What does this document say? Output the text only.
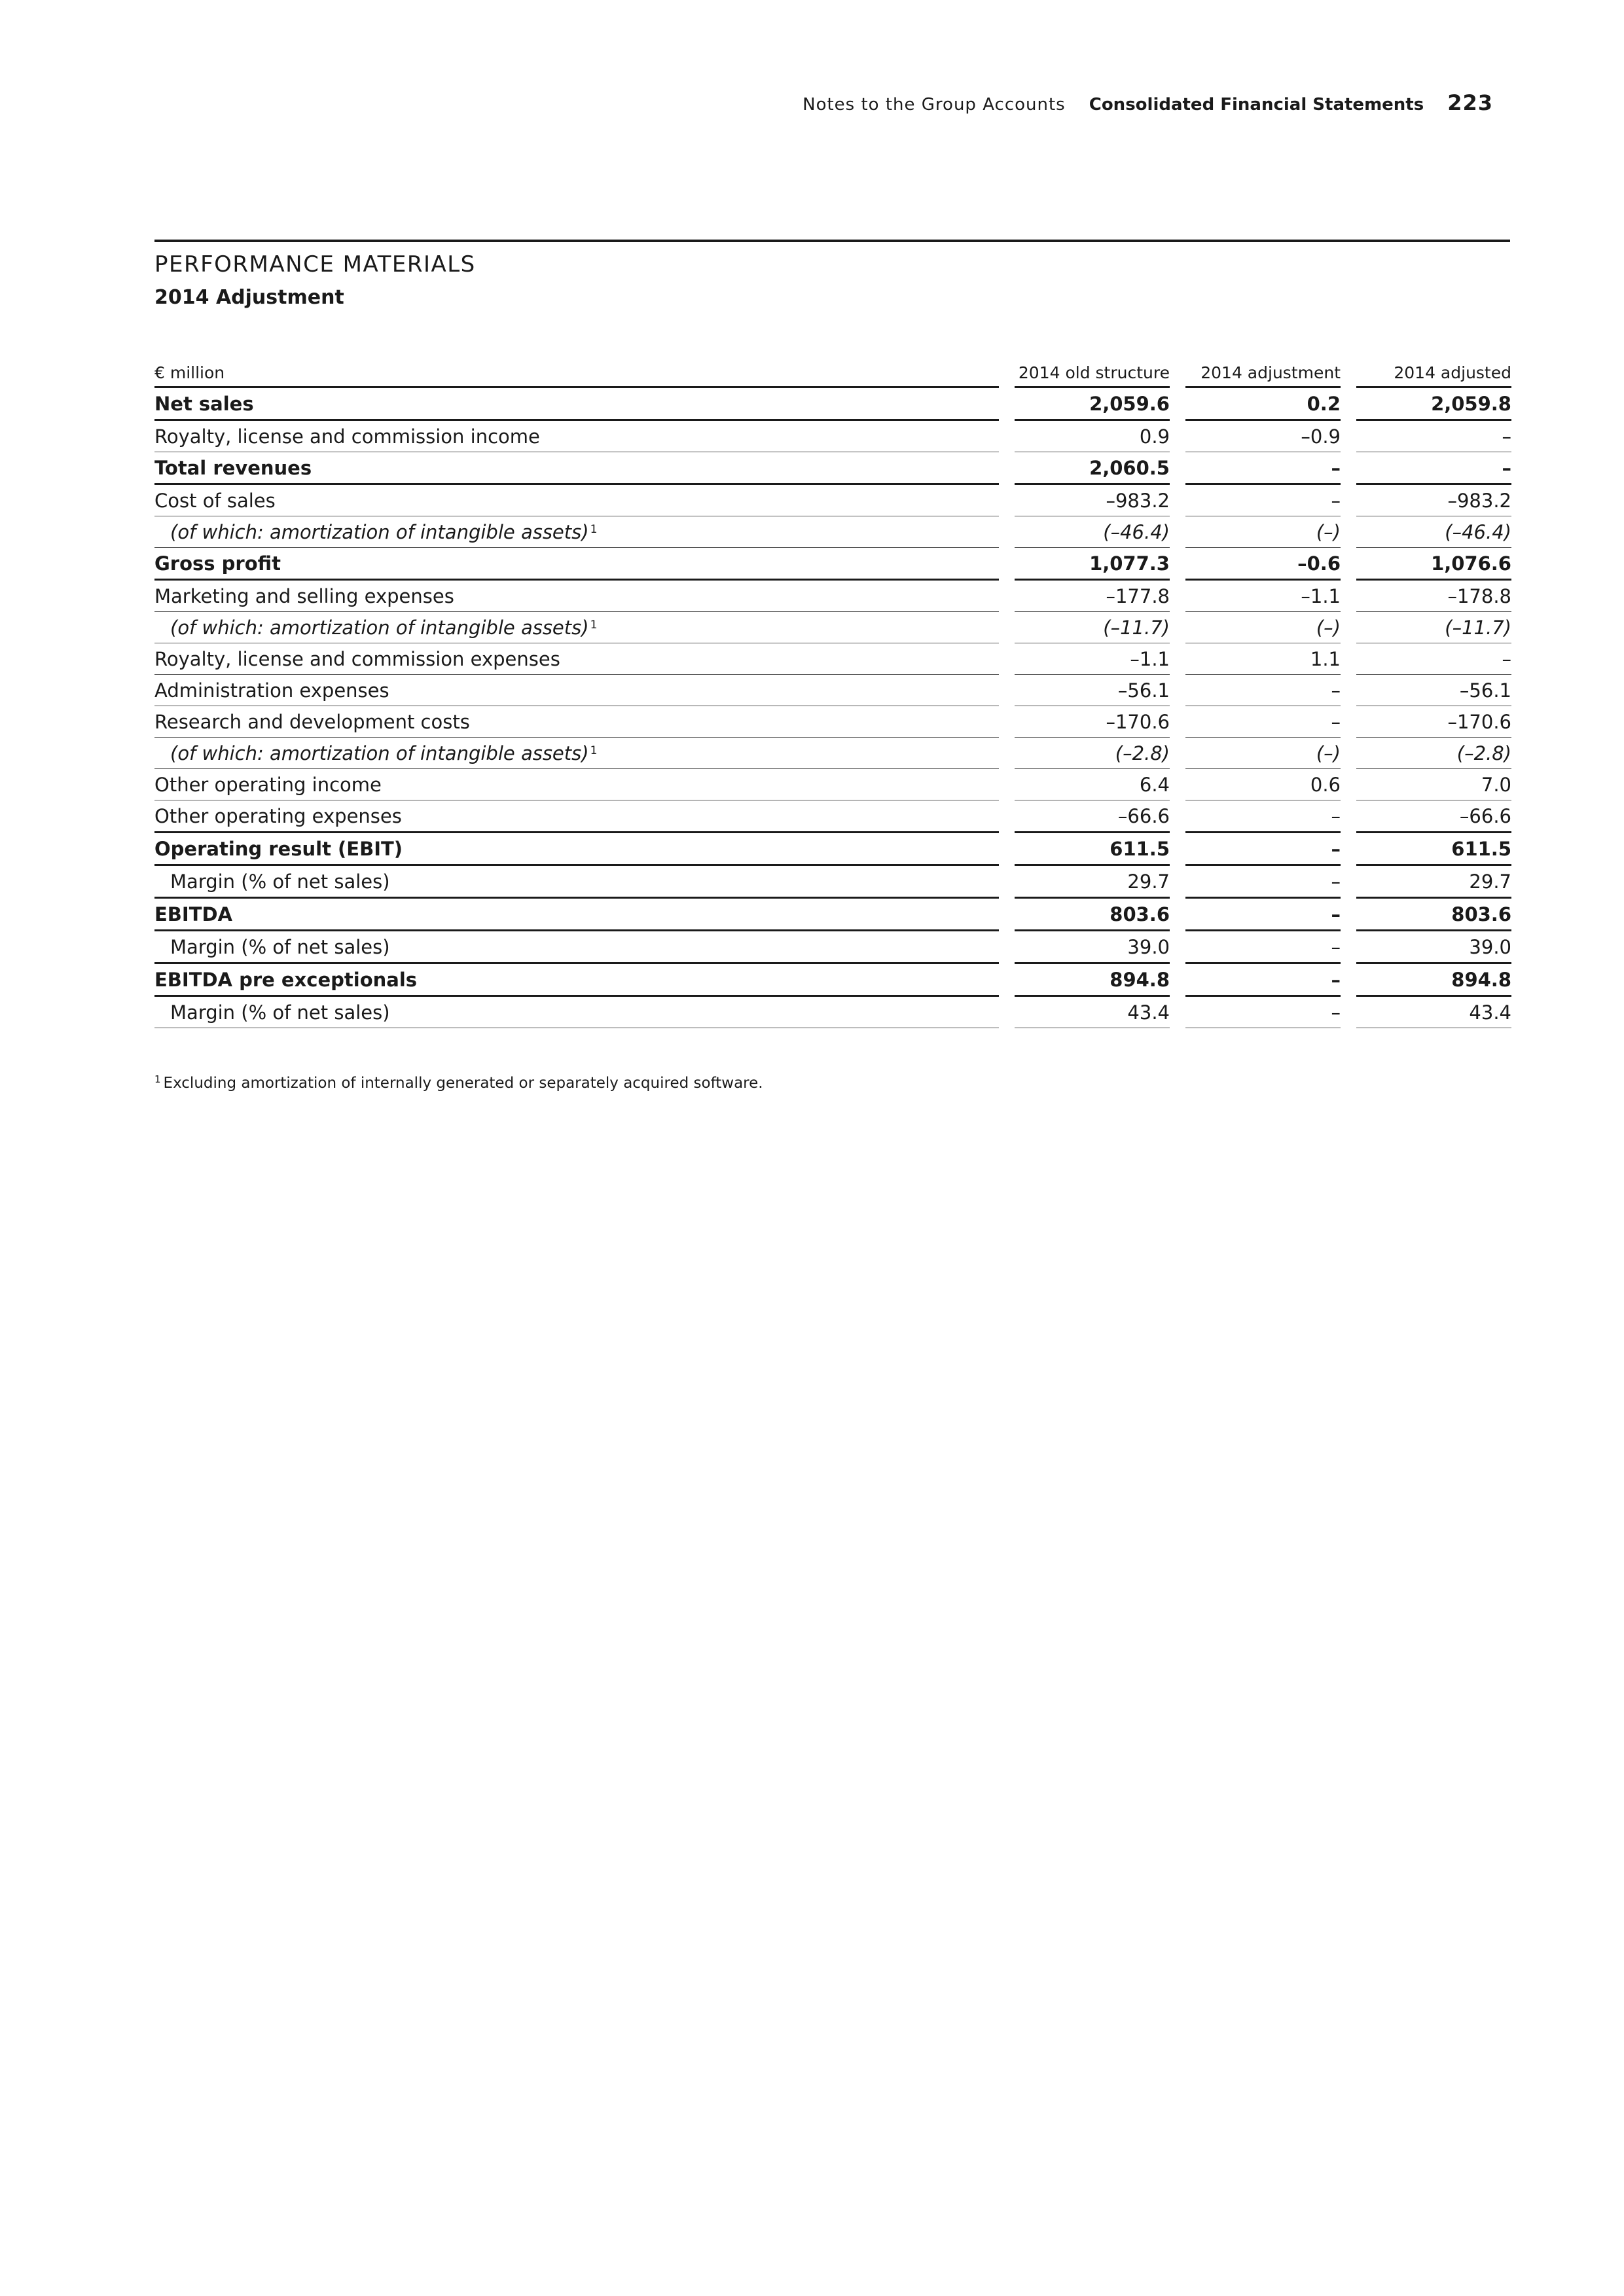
Notes to the Group Accounts Consolidated Financial Statements 223
PERFORMANCE MATERIALS
2014 Adjustment
€ million		2014 old structure		2014 adjustment		2014 adjusted
Net sales		2,059.6		0.2		2,059.8
Royalty, license and commission income		0.9		–0.9		–
Total revenues		2,060.5		–		–
Cost of sales		–983.2		–		–983.2
(of which: amortization of intangible assets) $^1$		(–46.4)		(–)		(–46.4)
Gross profit		1,077.3		–0.6		1,076.6
Marketing and selling expenses		–177.8		–1.1		–178.8
(of which: amortization of intangible assets) $^1$		(–11.7)		(–)		(–11.7)
Royalty, license and commission expenses		–1.1		1.1		–
Administration expenses		–56.1		–		–56.1
Research and development costs		–170.6		–		–170.6
(of which: amortization of intangible assets) $^1$		(–2.8)		(–)		(–2.8)
Other operating income		6.4		0.6		7.0
Other operating expenses		–66.6		–		–66.6
Operating result (EBIT)		611.5		–		611.5
Margin (% of net sales)		29.7		–		29.7
EBITDA		803.6		–		803.6
Margin (% of net sales)		39.0		–		39.0
EBITDA pre exceptionals		894.8		–		894.8
Margin (% of net sales)		43.4		–		43.4
$^1$ Excluding amortization of internally generated or separately acquired software.
